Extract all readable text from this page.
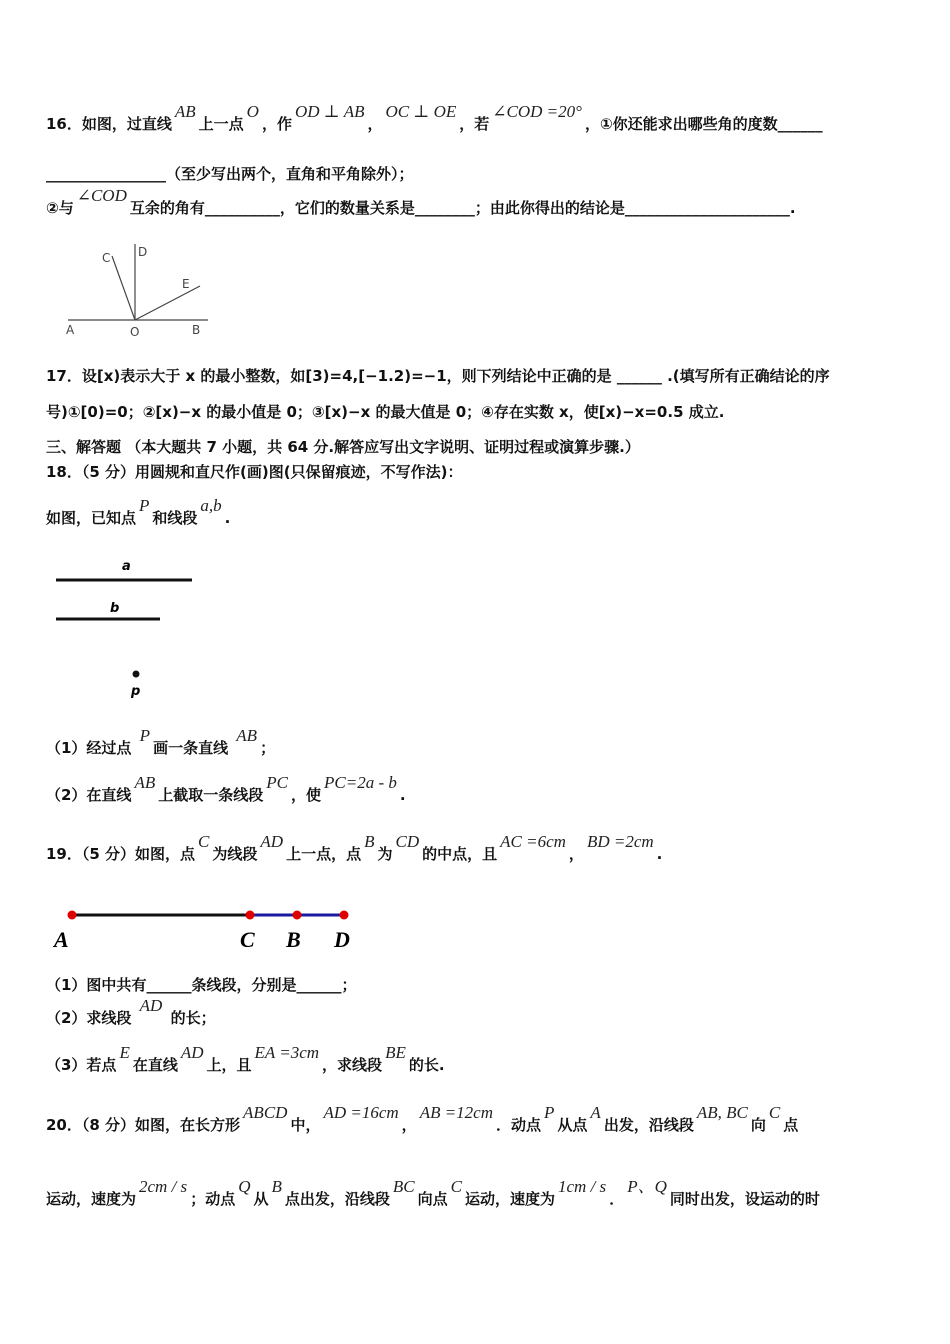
16．如图，过直线AB上一点O，作OD ⊥ AB，OC ⊥ OE，若∠COD =20°，①你还能求出哪些角的度数______
________________（至少写出两个，直角和平角除外）；
②与∠COD互余的角有__________，它们的数量关系是________；由此你得出的结论是______________________.
17．设[x)表示大于 x 的最小整数，如[3)=4,[−1.2)=−1，则下列结论中正确的是 ______ .(填写所有正确结论的序
号)①[0)=0；②[x)−x 的最小值是 0；③[x)−x 的最大值是 0；④存在实数 x，使[x)−x=0.5 成立.
三、解答题 （本大题共 7 小题，共 64 分.解答应写出文字说明、证明过程或演算步骤.）
18．（5 分）用圆规和直尺作(画)图(只保留痕迹，不写作法)：
如图，已知点P和线段a,b.
（1）经过点 P画一条直线 AB；
（2）在直线AB上截取一条线段PC，使PC=2a - b.
19．（5 分）如图，点C为线段AD上一点，点B为CD的中点，且AC =6cm，BD =2cm.
（1）图中共有______条线段，分别是______；
（2）求线段 AD 的长；
（3）若点E在直线AD上，且EA =3cm，求线段BE的长.
20．（8 分）如图，在长方形ABCD中，AD =16cm，AB =12cm．动点P从点A出发，沿线段AB, BC向C点
运动，速度为2cm / s；动点Q从B点出发，沿线段BC向点C运动，速度为1cm / s．P、Q同时出发，设运动的时
C D
E
A	O	B
a
b
p
A	C B D
